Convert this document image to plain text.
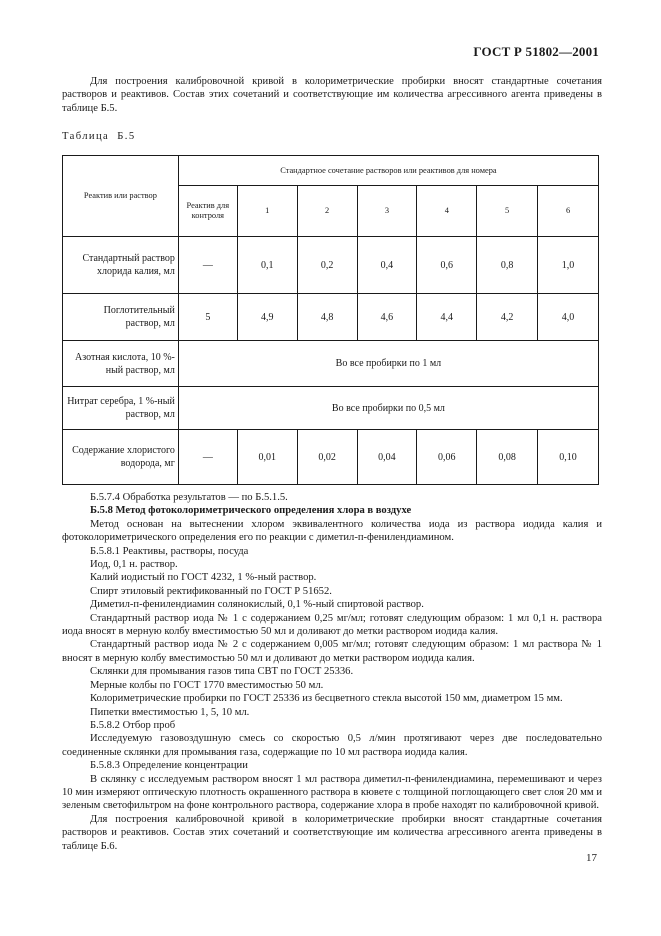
ГОСТ Р 51802—2001

Для построения калибровочной кривой в колориметрические пробирки вносят стандартные сочетания растворов и реактивов. Состав этих сочетаний и соответствующие им количества агрессивного агента приведены в таблице Б.5.

Таблица Б.5
Реактив или раствор	Стандартное сочетание растворов или реактивов для номера						
	Реактив для контроля	1	2	3	4	5	6
Стандартный раствор хлорида калия, мл	—	0,1	0,2	0,4	0,6	0,8	1,0
Поглотительный раствор, мл	5	4,9	4,8	4,6	4,4	4,2	4,0
Азотная кислота, 10 %-ный раствор, мл	Во все пробирки по 1 мл						
Нитрат серебра, 1 %-ный раствор, мл	Во все пробирки по 0,5 мл						
Содержание хлористого водорода, мг	—	0,01	0,02	0,04	0,06	0,08	0,10

Б.5.7.4 Обработка результатов — по Б.5.1.5.

Б.5.8 Метод фотоколориметрического определения хлора в воздухе

Метод основан на вытеснении хлором эквивалентного количества иода из раствора иодида калия и фотоколориметрического определения его по реакции с диметил-п-фенилендиамином.

Б.5.8.1 Реактивы, растворы, посуда

Иод, 0,1 н. раствор.

Калий иодистый по ГОСТ 4232, 1 %-ный раствор.

Спирт этиловый ректификованный по ГОСТ Р 51652.

Диметил-п-фенилендиамин солянокислый, 0,1 %-ный спиртовой раствор.

Стандартный раствор иода № 1 с содержанием 0,25 мг/мл; готовят следующим образом: 1 мл 0,1 н. раствора иода вносят в мерную колбу вместимостью 50 мл и доливают до метки раствором иодида калия.

Стандартный раствор иода № 2 с содержанием 0,005 мг/мл; готовят следующим образом: 1 мл раствора № 1 вносят в мерную колбу вместимостью 50 мл и доливают до метки раствором иодида калия.

Склянки для промывания газов типа СВТ по ГОСТ 25336.

Мерные колбы по ГОСТ 1770 вместимостью 50 мл.

Колориметрические пробирки по ГОСТ 25336 из бесцветного стекла высотой 150 мм, диаметром 15 мм.

Пипетки вместимостью 1, 5, 10 мл.

Б.5.8.2 Отбор проб

Исследуемую газовоздушную смесь со скоростью 0,5 л/мин протягивают через две последовательно соединенные склянки для промывания газа, содержащие по 10 мл раствора иодида калия.

Б.5.8.3 Определение концентрации

В склянку с исследуемым раствором вносят 1 мл раствора диметил-п-фенилендиамина, перемешивают и через 10 мин измеряют оптическую плотность окрашенного раствора в кювете с толщиной поглощающего свет слоя 20 мм и зеленым светофильтром на фоне контрольного раствора, содержание хлора в пробе находят по калибровочной кривой.

Для построения калибровочной кривой в колориметрические пробирки вносят стандартные сочетания растворов и реактивов. Состав этих сочетаний и соответствующие им количества агрессивного агента приведены в таблице Б.6.

17
